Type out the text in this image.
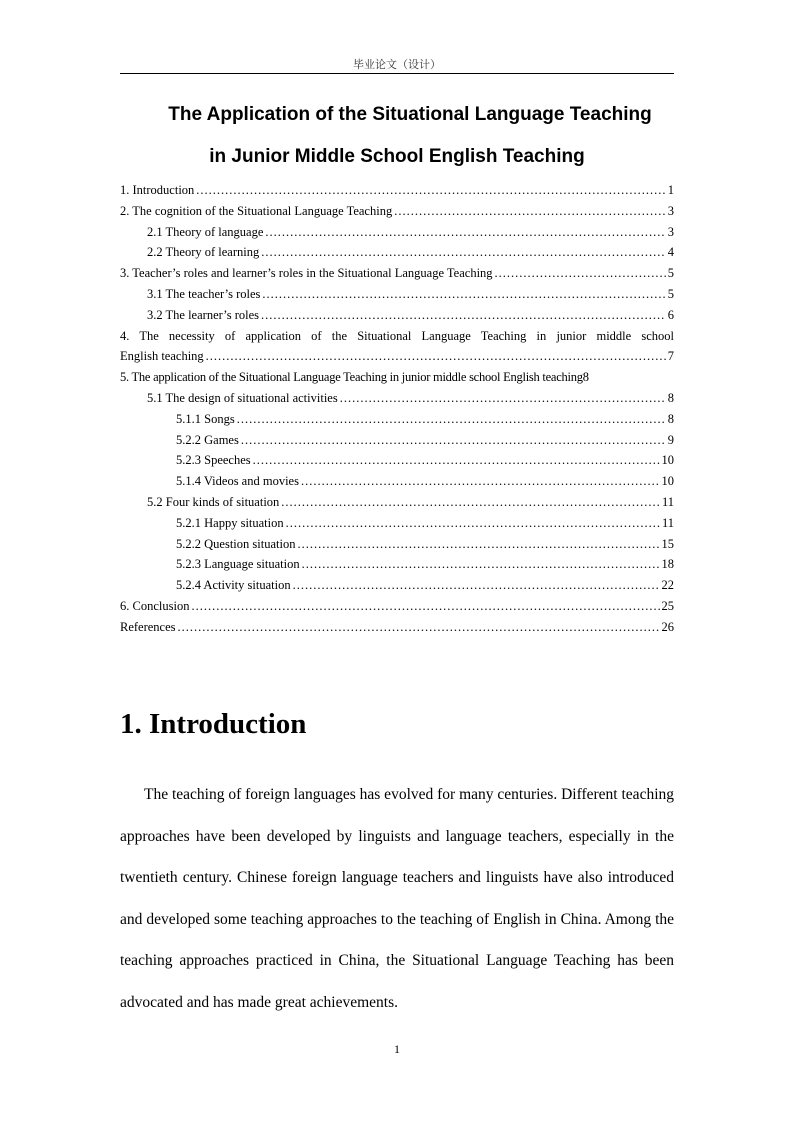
毕业论文（设计）
The Application of the Situational Language Teaching
in Junior Middle School English Teaching
1. Introduction .....	1
2. The cognition of the Situational Language Teaching .....	3
2.1 Theory of language .....	3
2.2 Theory of learning .....	4
3. Teacher’s roles and learner’s roles in the Situational Language Teaching .....	5
3.1 The teacher’s roles .....	5
3.2 The learner’s roles .....	6
4. The necessity of application of the Situational Language Teaching in junior middle school
English teaching .....	7
5. The application of the Situational Language Teaching in junior middle school English teaching 8
5.1 The design of situational activities .....	8
5.1.1 Songs .....	8
5.2.2 Games .....	9
5.2.3 Speeches .....	10
5.1.4 Videos and movies .....	10
5.2 Four kinds of situation .....	11
5.2.1 Happy situation .....	11
5.2.2 Question situation .....	15
5.2.3 Language situation .....	18
5.2.4 Activity situation .....	22
6. Conclusion .....	25
References .....	26
1. Introduction

The teaching of foreign languages has evolved for many centuries. Different teaching approaches have been developed by linguists and language teachers, especially in the twentieth century. Chinese foreign language teachers and linguists have also introduced and developed some teaching approaches to the teaching of English in China. Among the teaching approaches practiced in China, the Situational Language Teaching has been advocated and has made great achievements.

1
